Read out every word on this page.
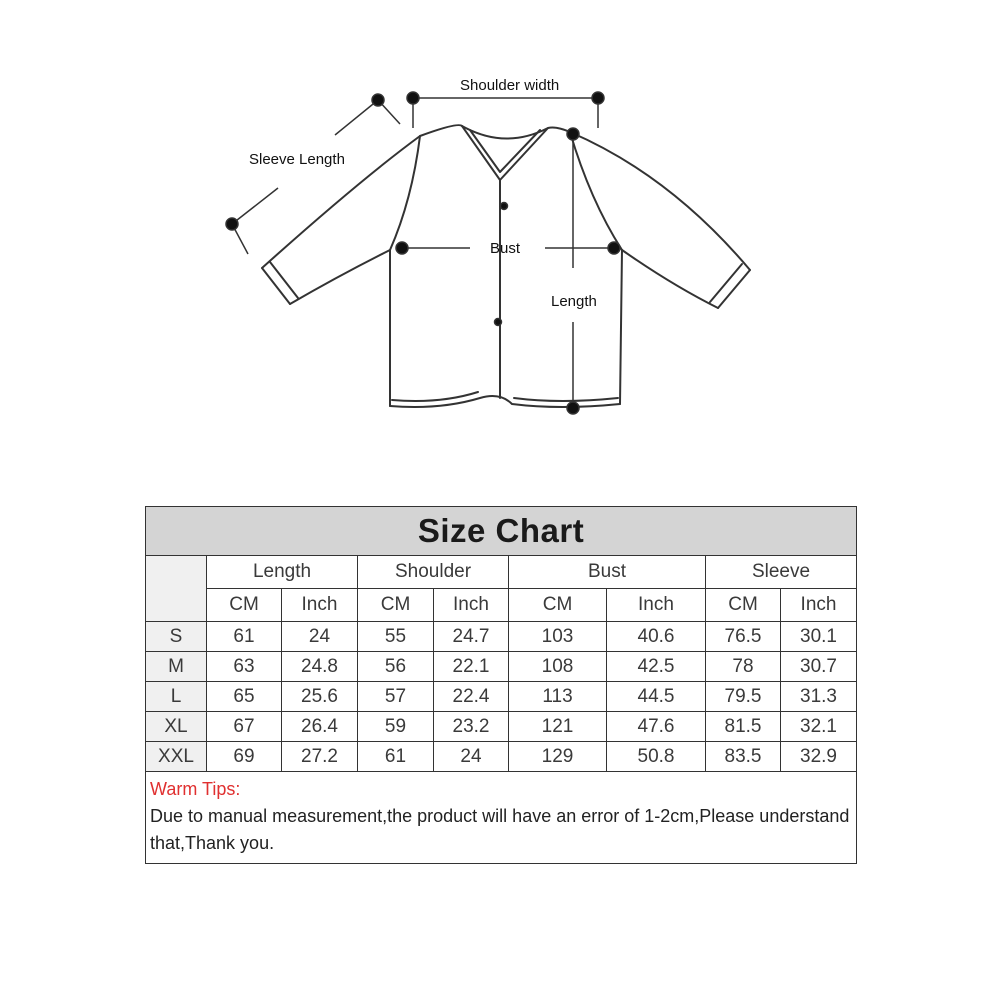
Shoulder width
Sleeve Length
Bust
Length
Size Chart								
	Length		Shoulder		Bust		Sleeve	
	CM	Inch	CM	Inch	CM	Inch	CM	Inch
S	61	24	55	24.7	103	40.6	76.5	30.1
M	63	24.8	56	22.1	108	42.5	78	30.7
L	65	25.6	57	22.4	113	44.5	79.5	31.3
XL	67	26.4	59	23.2	121	47.6	81.5	32.1
XXL	69	27.2	61	24	129	50.8	83.5	32.9

Warm Tips:
Due to manual measurement,the product will have an error of 1-2cm,Please understand that,Thank you.								
